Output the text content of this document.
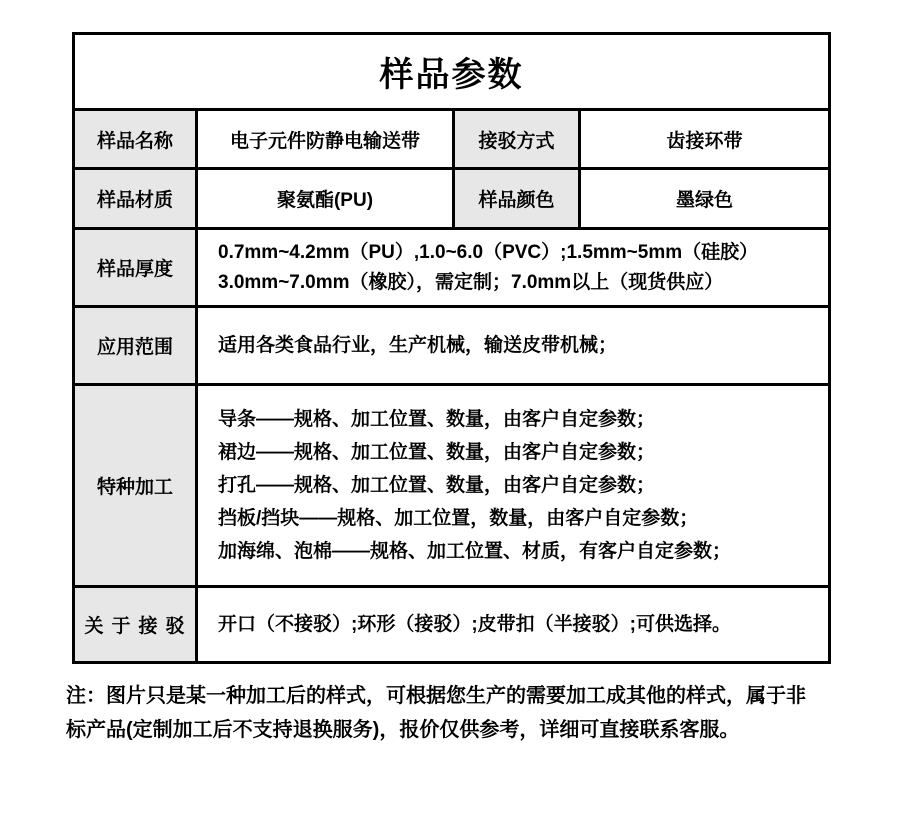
样品参数			
样品名称	电子元件防静电输送带	接驳方式	齿接环带
样品材质	聚氨酯(PU)	样品颜色	墨绿色
样品厚度	0.7mm~4.2mm（PU）,1.0~6.0（PVC）;1.5mm~5mm（硅胶）
3.0mm~7.0mm（橡胶），需定制；7.0mm以上（现货供应）		

应用范围	适用各类食品行业，生产机械，输送皮带机械；		

特种加工	导条——规格、加工位置、数量，由客户自定参数；
裙边——规格、加工位置、数量，由客户自定参数；
打孔——规格、加工位置、数量，由客户自定参数；
挡板/挡块——规格、加工位置，数量，由客户自定参数；
加海绵、泡棉——规格、加工位置、材质，有客户自定参数；		

关于接驳	开口（不接驳）;环形（接驳）;皮带扣（半接驳）;可供选择。		
注：图片只是某一种加工后的样式，可根据您生产的需要加工成其他的样式，属于非
标产品(定制加工后不支持退换服务)，报价仅供参考，详细可直接联系客服。
